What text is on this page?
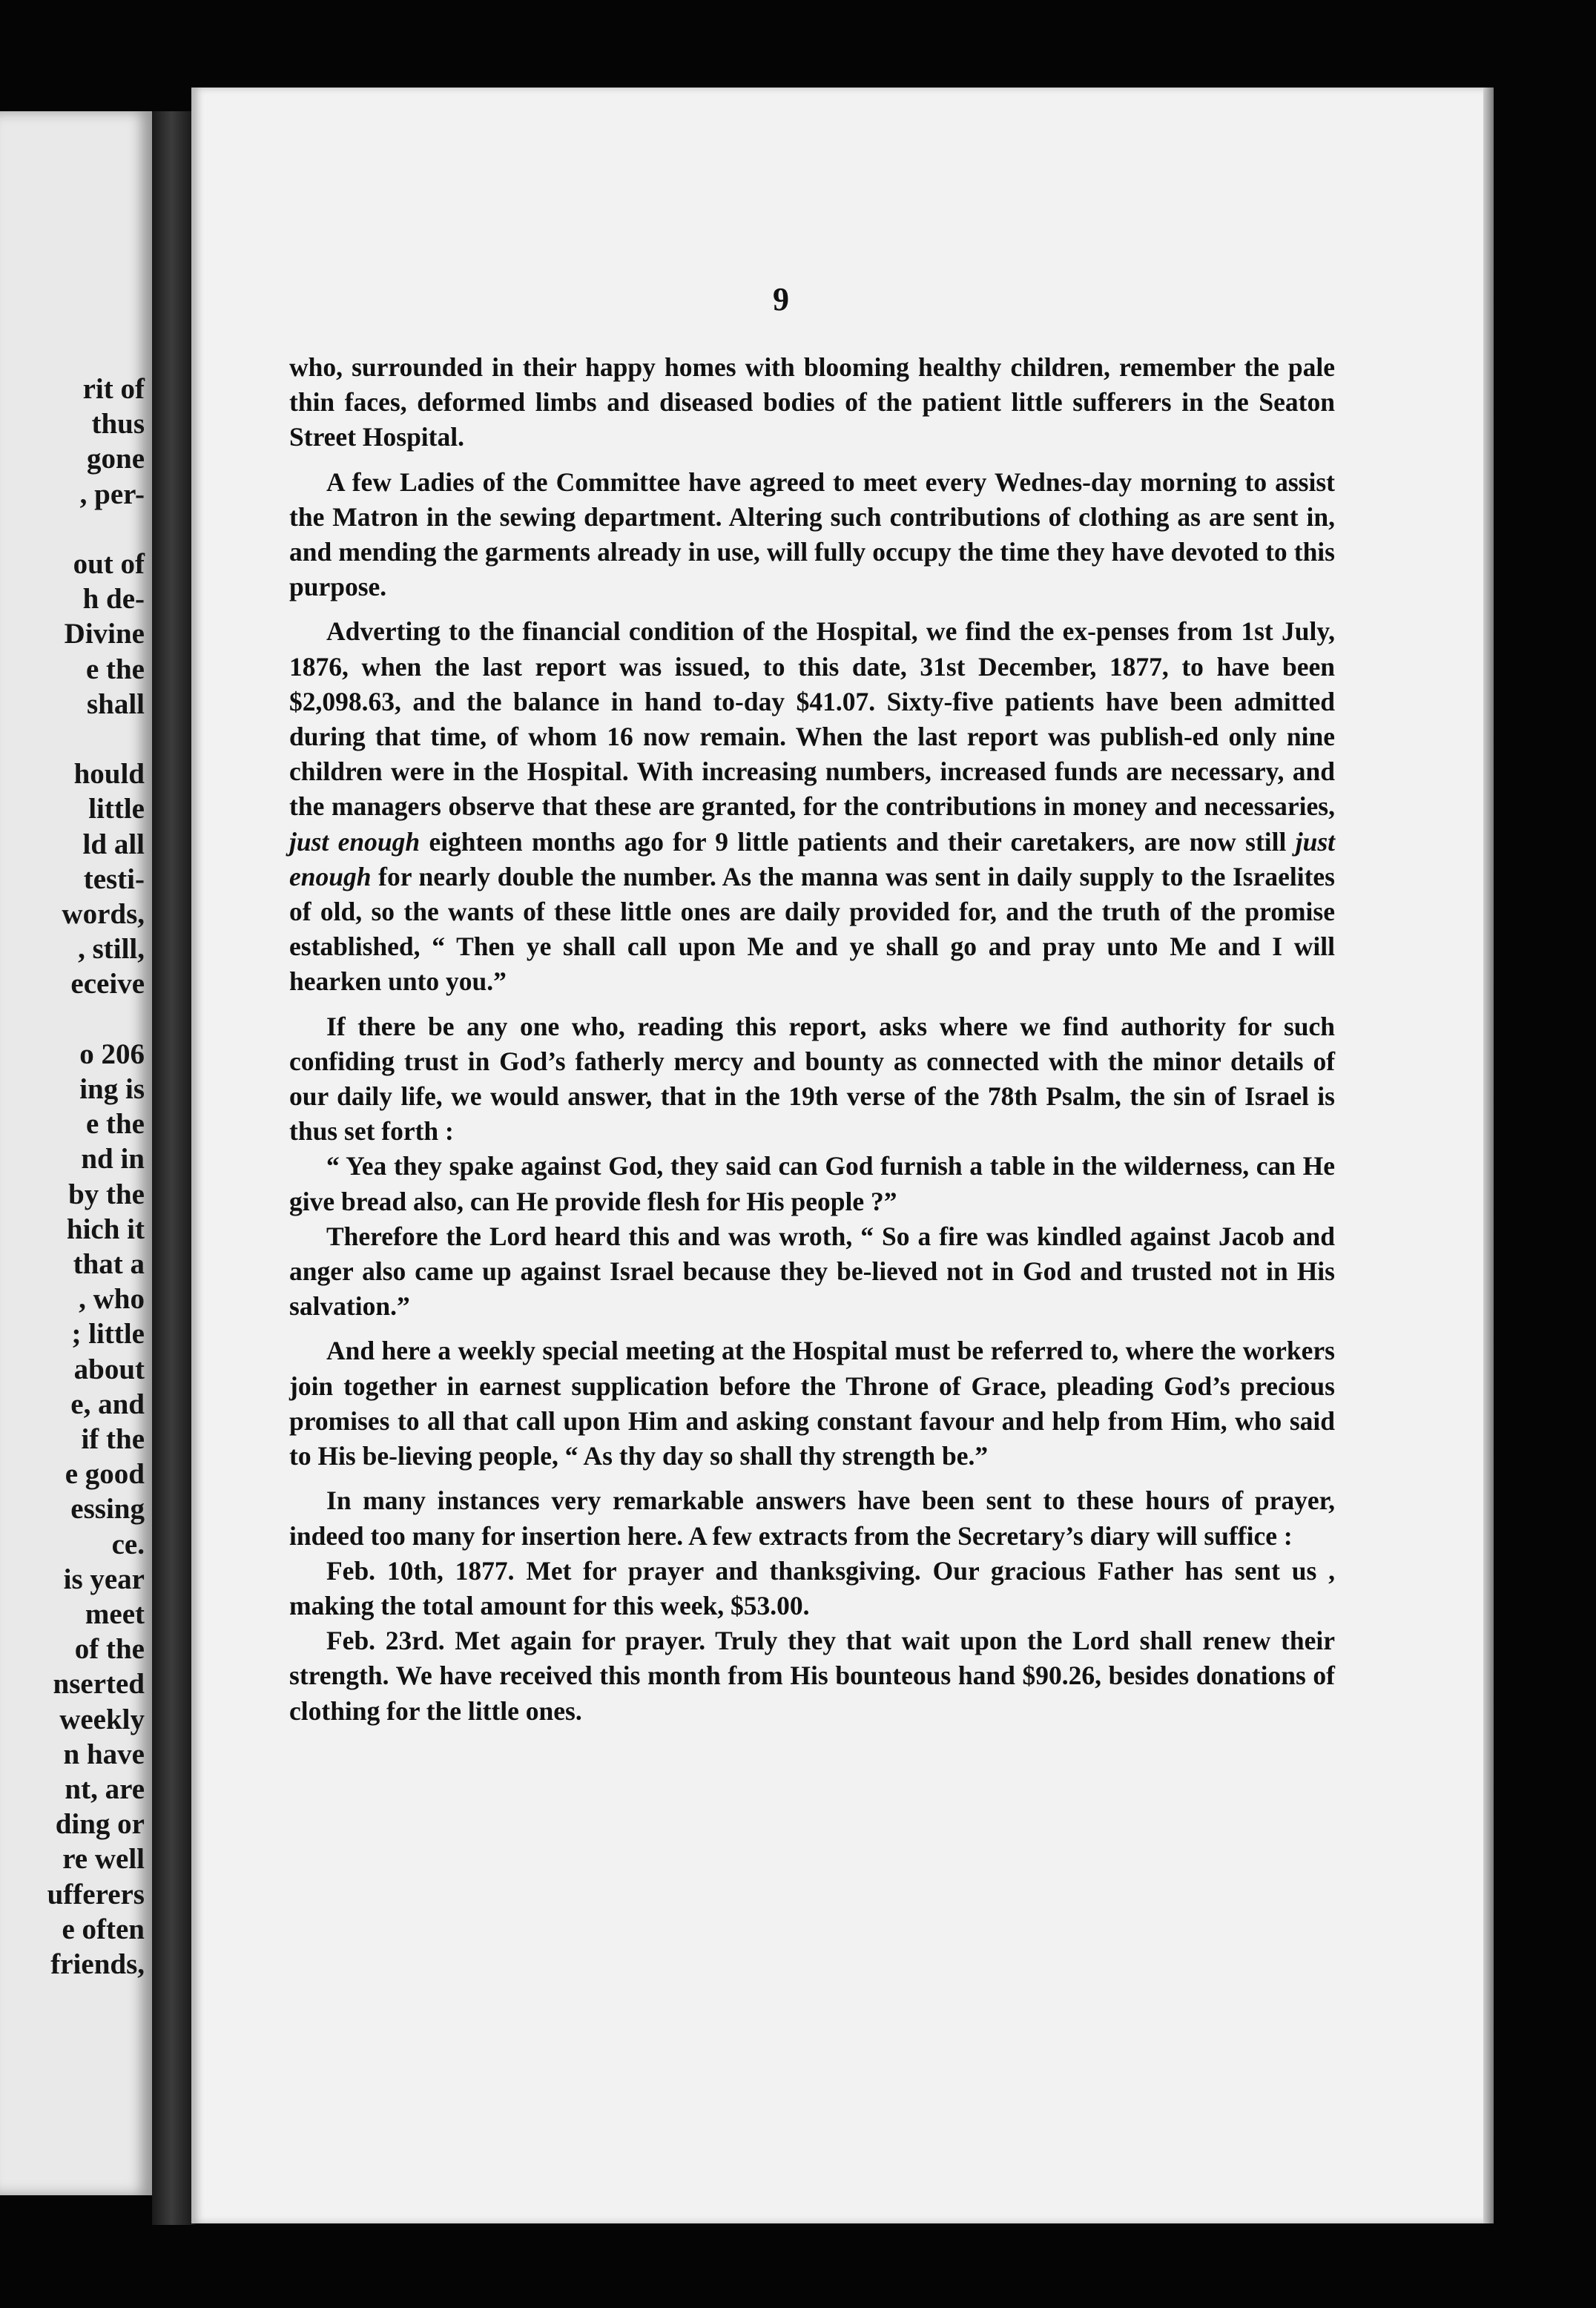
rit of
thus
gone
, per-
out of
h de-
Divine
e the
shall
hould
little
ld all
testi-
words,
, still,
eceive
o 206
ing is
e the
nd in
by the
hich it
that a
, who
; little
about
e, and
if the
e good
essing
ce.
is year
meet
of the
nserted
weekly
n have
nt, are
ding or
re well
ufferers
e often
friends,
9

who, surrounded in their happy homes with blooming healthy children, remember the pale thin faces, deformed limbs and diseased bodies of the patient little sufferers in the Seaton Street Hospital.

A few Ladies of the Committee have agreed to meet every Wednes-day morning to assist the Matron in the sewing department. Altering such contributions of clothing as are sent in, and mending the garments already in use, will fully occupy the time they have devoted to this purpose.

Adverting to the financial condition of the Hospital, we find the ex-penses from 1st July, 1876, when the last report was issued, to this date, 31st December, 1877, to have been $2,098.63, and the balance in hand to-day $41.07. Sixty-five patients have been admitted during that time, of whom 16 now remain. When the last report was publish-ed only nine children were in the Hospital. With increasing numbers, increased funds are necessary, and the managers observe that these are granted, for the contributions in money and necessaries, just enough eighteen months ago for 9 little patients and their caretakers, are now still just enough for nearly double the number. As the manna was sent in daily supply to the Israelites of old, so the wants of these little ones are daily provided for, and the truth of the promise established, “ Then ye shall call upon Me and ye shall go and pray unto Me and I will hearken unto you.”

If there be any one who, reading this report, asks where we find authority for such confiding trust in God’s fatherly mercy and bounty as connected with the minor details of our daily life, we would answer, that in the 19th verse of the 78th Psalm, the sin of Israel is thus set forth :

“ Yea they spake against God, they said can God furnish a table in the wilderness, can He give bread also, can He provide flesh for His people ?”

Therefore the Lord heard this and was wroth, “ So a fire was kindled against Jacob and anger also came up against Israel because they be-lieved not in God and trusted not in His salvation.”

And here a weekly special meeting at the Hospital must be referred to, where the workers join together in earnest supplication before the Throne of Grace, pleading God’s precious promises to all that call upon Him and asking constant favour and help from Him, who said to His be-lieving people, “ As thy day so shall thy strength be.”

In many instances very remarkable answers have been sent to these hours of prayer, indeed too many for insertion here. A few extracts from the Secretary’s diary will suffice :

Feb. 10th, 1877. Met for prayer and thanksgiving. Our gracious Father has sent us , making the total amount for this week, $53.00.

Feb. 23rd. Met again for prayer. Truly they that wait upon the Lord shall renew their strength. We have received this month from His bounteous hand $90.26, besides donations of clothing for the little ones.
